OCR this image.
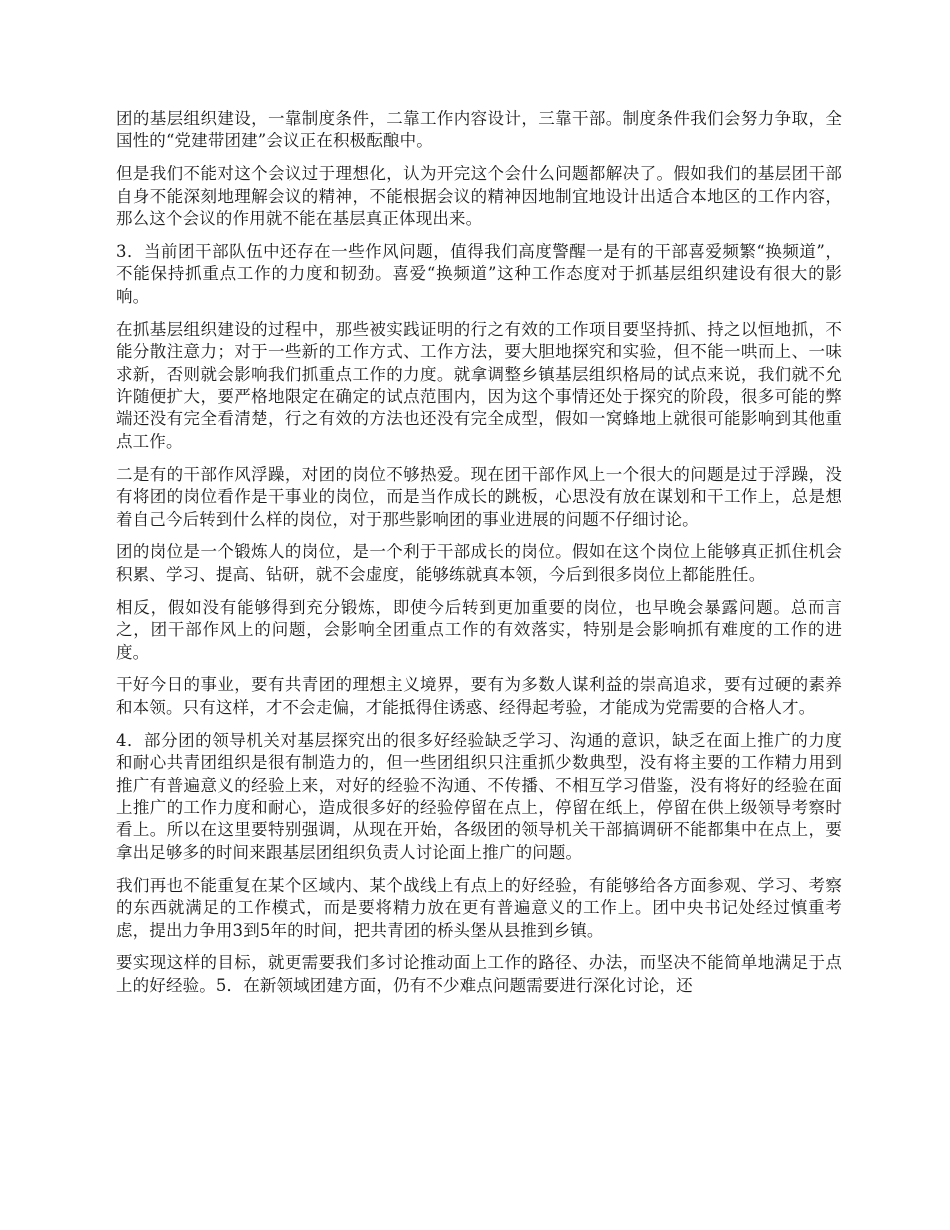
团的基层组织建设，一靠制度条件，二靠工作内容设计，三靠干部。制度条件我们会努力争取，全国性的“党建带团建”会议正在积极酝酿中。

但是我们不能对这个会议过于理想化，认为开完这个会什么问题都解决了。假如我们的基层团干部自身不能深刻地理解会议的精神，不能根据会议的精神因地制宜地设计出适合本地区的工作内容，那么这个会议的作用就不能在基层真正体现出来。

3．当前团干部队伍中还存在一些作风问题，值得我们高度警醒一是有的干部喜爱频繁“换频道”，不能保持抓重点工作的力度和韧劲。喜爱“换频道”这种工作态度对于抓基层组织建设有很大的影响。

在抓基层组织建设的过程中，那些被实践证明的行之有效的工作项目要坚持抓、持之以恒地抓，不能分散注意力；对于一些新的工作方式、工作方法，要大胆地探究和实验，但不能一哄而上、一味求新，否则就会影响我们抓重点工作的力度。就拿调整乡镇基层组织格局的试点来说，我们就不允许随便扩大，要严格地限定在确定的试点范围内，因为这个事情还处于探究的阶段，很多可能的弊端还没有完全看清楚，行之有效的方法也还没有完全成型，假如一窝蜂地上就很可能影响到其他重点工作。

二是有的干部作风浮躁，对团的岗位不够热爱。现在团干部作风上一个很大的问题是过于浮躁，没有将团的岗位看作是干事业的岗位，而是当作成长的跳板，心思没有放在谋划和干工作上，总是想着自己今后转到什么样的岗位，对于那些影响团的事业进展的问题不仔细讨论。

团的岗位是一个锻炼人的岗位，是一个利于干部成长的岗位。假如在这个岗位上能够真正抓住机会积累、学习、提高、钻研，就不会虚度，能够练就真本领，今后到很多岗位上都能胜任。

相反，假如没有能够得到充分锻炼，即使今后转到更加重要的岗位，也早晚会暴露问题。总而言之，团干部作风上的问题，会影响全团重点工作的有效落实，特别是会影响抓有难度的工作的进度。

干好今日的事业，要有共青团的理想主义境界，要有为多数人谋利益的崇高追求，要有过硬的素养和本领。只有这样，才不会走偏，才能抵得住诱惑、经得起考验，才能成为党需要的合格人才。

4．部分团的领导机关对基层探究出的很多好经验缺乏学习、沟通的意识，缺乏在面上推广的力度和耐心共青团组织是很有制造力的，但一些团组织只注重抓少数典型，没有将主要的工作精力用到推广有普遍意义的经验上来，对好的经验不沟通、不传播、不相互学习借鉴，没有将好的经验在面上推广的工作力度和耐心，造成很多好的经验停留在点上，停留在纸上，停留在供上级领导考察时看上。所以在这里要特别强调，从现在开始，各级团的领导机关干部搞调研不能都集中在点上，要拿出足够多的时间来跟基层团组织负责人讨论面上推广的问题。

我们再也不能重复在某个区域内、某个战线上有点上的好经验，有能够给各方面参观、学习、考察的东西就满足的工作模式，而是要将精力放在更有普遍意义的工作上。团中央书记处经过慎重考虑，提出力争用3到5年的时间，把共青团的桥头堡从县推到乡镇。

要实现这样的目标，就更需要我们多讨论推动面上工作的路径、办法，而坚决不能简单地满足于点上的好经验。5．在新领域团建方面，仍有不少难点问题需要进行深化讨论，还
